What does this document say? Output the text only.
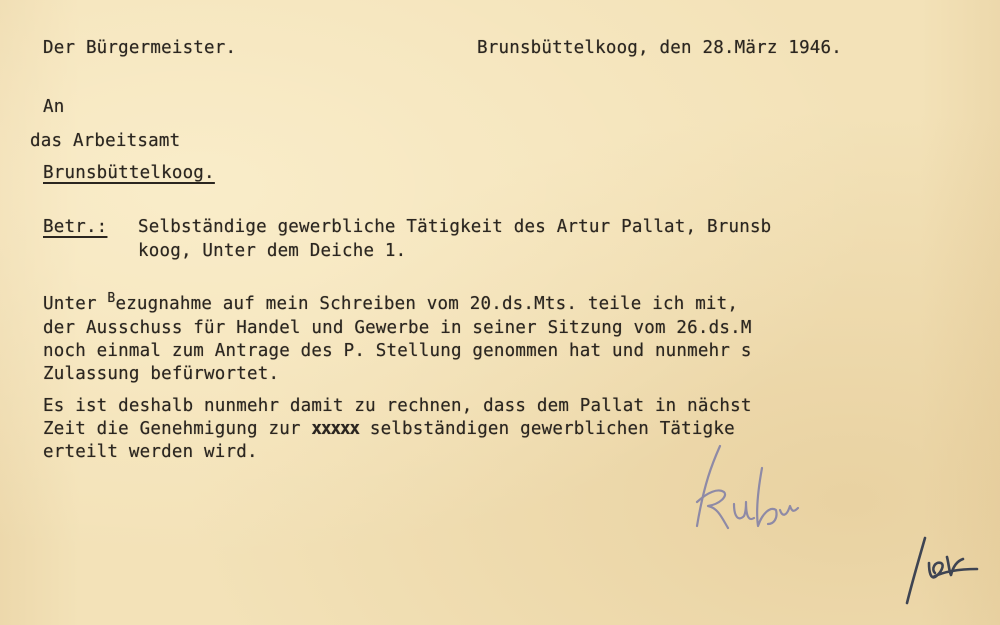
Der Bürgermeister.	Brunsbüttelkoog, den 28.März 1946.
An
das Arbeitsamt
Brunsbüttelkoog.
Betr.: Selbständige gewerbliche Tätigkeit des Artur Pallat, Brunsb
koog, Unter dem Deiche 1.
Unter $^B$ezugnahme auf mein Schreiben vom 20.ds.Mts. teile ich mit,
der Ausschuss für Handel und Gewerbe in seiner Sitzung vom 26.ds.M
noch einmal zum Antrage des P. Stellung genommen hat und nunmehr s
Zulassung befürwortet.
Es ist deshalb nunmehr damit zu rechnen, dass dem Pallat in nächst
Zeit die Genehmigung zur xxxxx selbständigen gewerblichen Tätigke
erteilt werden wird.
